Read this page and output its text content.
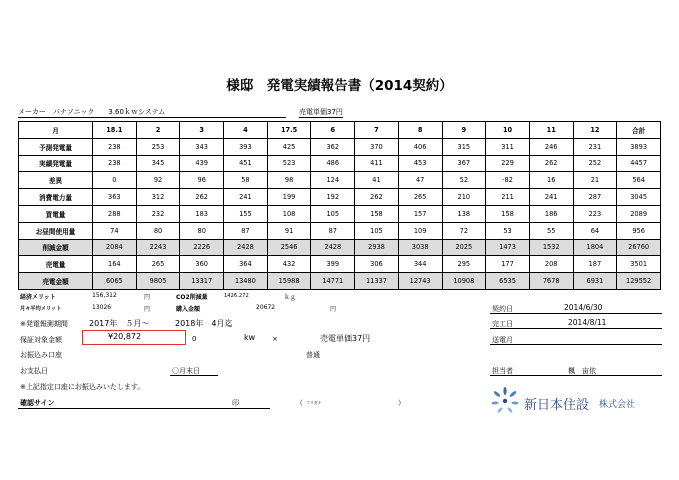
様邸　発電実績報告書（2014契約）
メーカー　パナソニック　　3.60ｋｗシステム	売電単価37円
月	18.1	2	3	4	17.5	6	7	8	9	10	11	12	合計
予測発電量	238	253	343	393	425	362	370	406	315	311	246	231	3893
実績発電量	238	345	439	451	523	486	411	453	367	229	262	252	4457
差異	0	92	96	58	98	124	41	47	52	-82	16	21	564
消費電力量	363	312	262	241	199	192	262	265	210	211	241	287	3045
買電量	288	232	183	155	108	105	158	157	138	158	186	223	2089
お昼間使用量	74	80	80	87	91	87	105	109	72	53	55	64	956
削減金額	2084	2243	2226	2428	2546	2428	2938	3038	2025	1473	1532	1804	26760
売電量	164	265	360	364	432	399	306	344	295	177	208	187	3501
売電金額	6065	9805	13317	13480	15988	14771	11337	12743	10908	6535	7678	6931	129552
経済メリット	156,312	円	CO2削減量	1426.272	ｋｇ
月々平均メリット	13026	円	購入金額	20672	円
※発電報測期間	2017年　５月～	2018年　4月迄
保証対象金額	¥20,872	0	kw ×	売電単価37円
お振込み口座	普通
お支払日	〇月末日
※上記指定口座にお振込みいたします。
確認サイン	印	（ フリガナ	）
契約日	2014/6/30
完工日	2014/8/11
送電月
担当者	楓　宙依
新日本住設 株式会社
